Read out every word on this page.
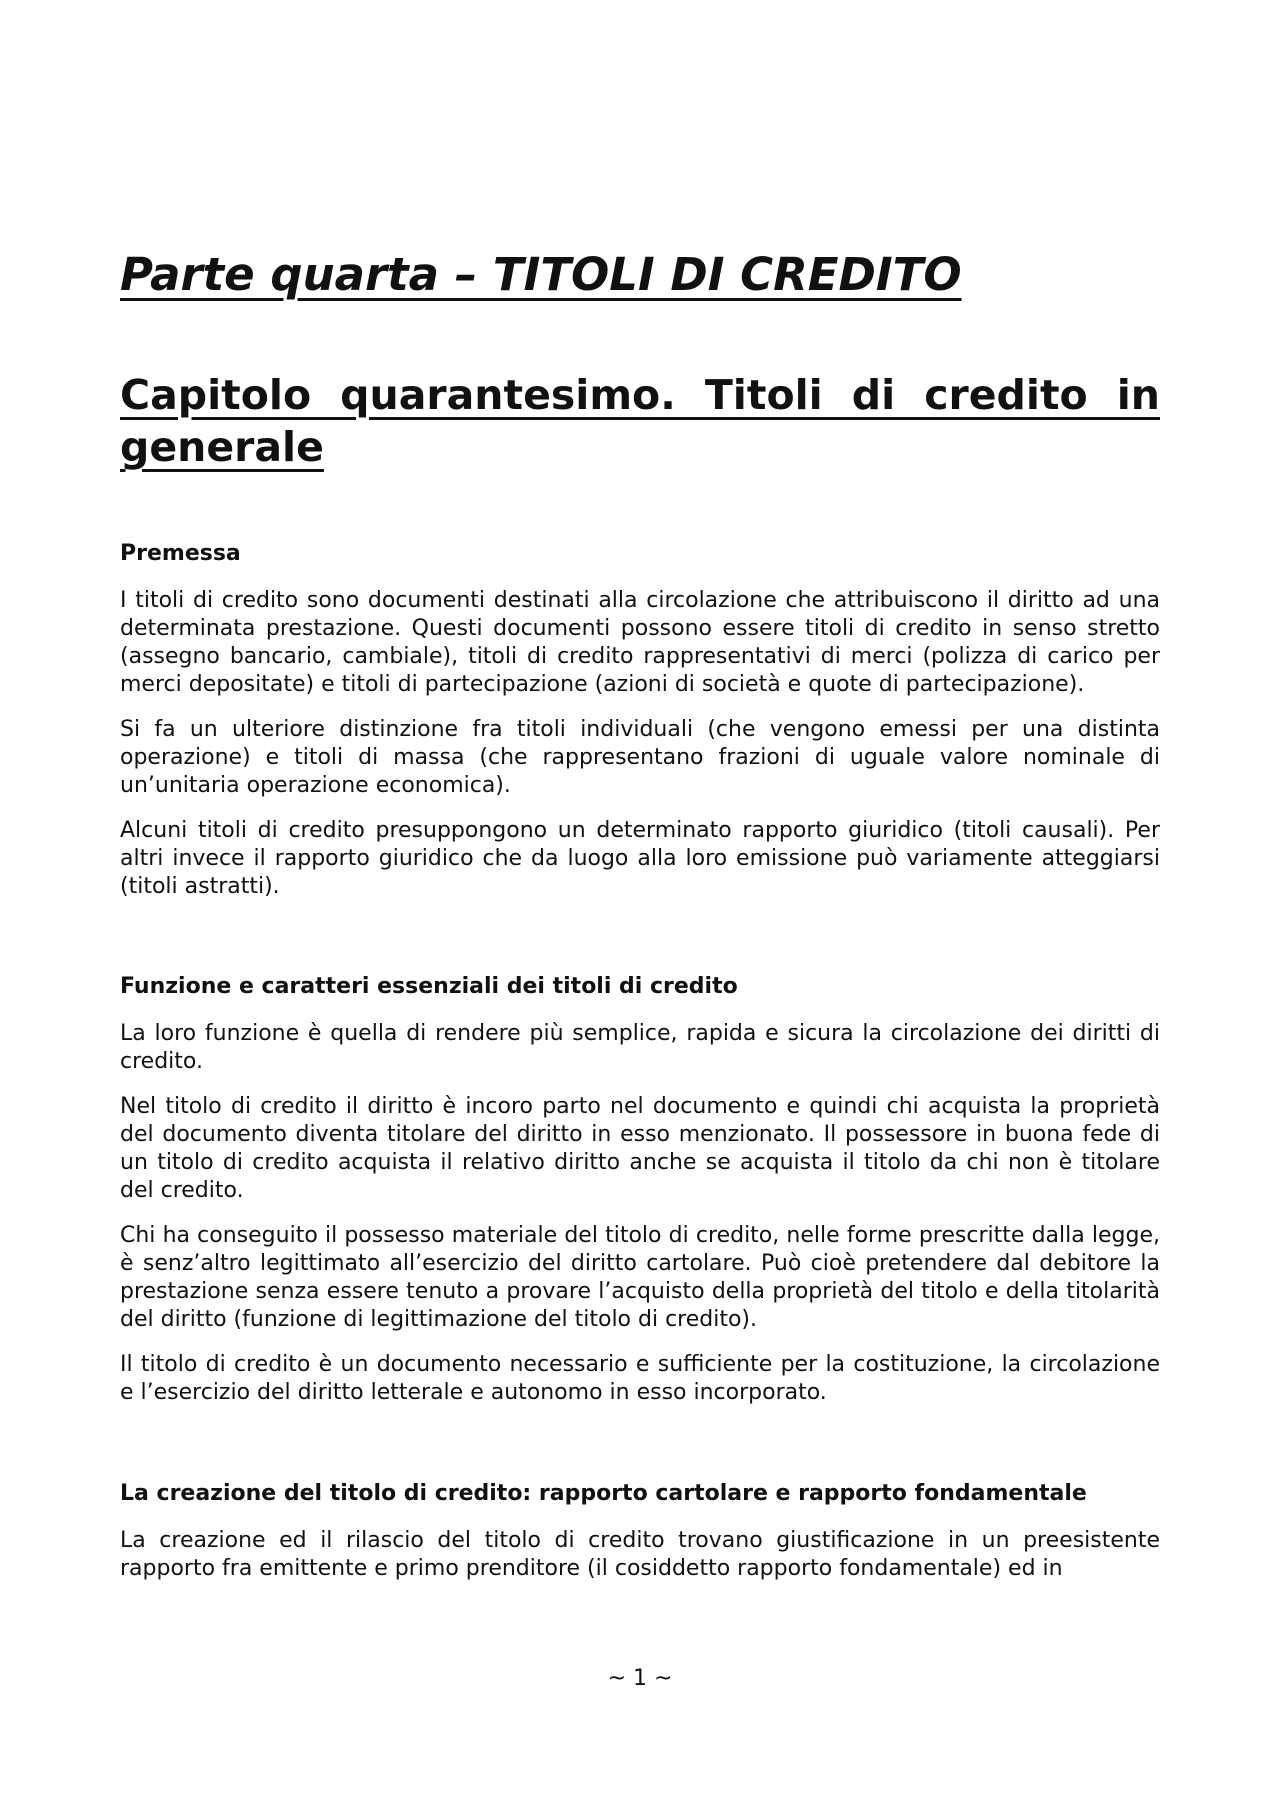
Parte quarta – TITOLI DI CREDITO
Capitolo quarantesimo. Titoli di credito in generale
Premessa

I titoli di credito sono documenti destinati alla circolazione che attribuiscono il diritto ad una determinata prestazione. Questi documenti possono essere titoli di credito in senso stretto (assegno bancario, cambiale), titoli di credito rappresentativi di merci (polizza di carico per merci depositate) e titoli di partecipazione (azioni di società e quote di partecipazione).

Si fa un ulteriore distinzione fra titoli individuali (che vengono emessi per una distinta operazione) e titoli di massa (che rappresentano frazioni di uguale valore nominale di un’unitaria operazione economica).

Alcuni titoli di credito presuppongono un determinato rapporto giuridico (titoli causali). Per altri invece il rapporto giuridico che da luogo alla loro emissione può variamente atteggiarsi (titoli astratti).

Funzione e caratteri essenziali dei titoli di credito

La loro funzione è quella di rendere più semplice, rapida e sicura la circolazione dei diritti di credito.

Nel titolo di credito il diritto è incoro parto nel documento e quindi chi acquista la proprietà del documento diventa titolare del diritto in esso menzionato. Il possessore in buona fede di un titolo di credito acquista il relativo diritto anche se acquista il titolo da chi non è titolare del credito.

Chi ha conseguito il possesso materiale del titolo di credito, nelle forme prescritte dalla legge, è senz’altro legittimato all’esercizio del diritto cartolare. Può cioè pretendere dal debitore la prestazione senza essere tenuto a provare l’acquisto della proprietà del titolo e della titolarità del diritto (funzione di legittimazione del titolo di credito).

Il titolo di credito è un documento necessario e sufficiente per la costituzione, la circolazione e l’esercizio del diritto letterale e autonomo in esso incorporato.

La creazione del titolo di credito: rapporto cartolare e rapporto fondamentale

La creazione ed il rilascio del titolo di credito trovano giustificazione in un preesistente rapporto fra emittente e primo prenditore (il cosiddetto rapporto fondamentale) ed in

~ 1 ~
